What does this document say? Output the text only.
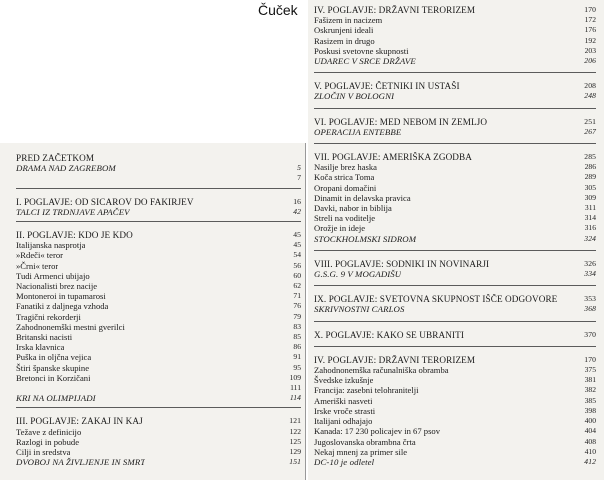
Čuček
PRED ZAČETKOM
DRAMA NAD ZAGREBOM	5
7
I. POGLAVJE: OD SICAROV DO FAKIRJEV	16
TALCI IZ TRDNJAVE APAČEV	42
II. POGLAVJE: KDO JE KDO	45
Italijanska nasprotja	45
»Rdeči« teror	54
»Črni« teror	56
Tudi Armenci ubijajo	60
Nacionalisti brez nacije	62
Montoneroi in tupamarosi	71
Fanatiki z daljnega vzhoda	76
Tragični rekorderji	79
Zahodnonemški mestni gverilci	83
Britanski nacisti	85
Irska klavnica	86
Puška in oljčna vejica	91
Štiri španske skupine	95
Bretonci in Korzičani	109
111
KRI NA OLIMPIJADI	114
III. POGLAVJE: ZAKAJ IN KAJ	121
Težave z definicijo	122
Razlogi in pobude	125
Cilji in sredstva	129
DVOBOJ NA ŽIVLJENJE IN SMRT	151
IV. POGLAVJE: DRŽAVNI TERORIZEM	170
Fašizem in nacizem	172
Oskrunjeni ideali	176
Rasizem in drugo	192
Poskusi svetovne skupnosti	203
UDAREC V SRCE DRŽAVE	206
V. POGLAVJE: ČETNIKI IN USTAŠI	208
ZLOČIN V BOLOGNI	248
VI. POGLAVJE: MED NEBOM IN ZEMLJO	251
OPERACIJA ENTEBBE	267
VII. POGLAVJE: AMERIŠKA ZGODBA	285
Nasilje brez haska	286
Koča strica Toma	289
Oropani domačini	305
Dinamit in delavska pravica	309
Davki, nabor in biblija	311
Streli na voditelje	314
Orožje in ideje	316
STOCKHOLMSKI SIDROM	324
VIII. POGLAVJE: SODNIKI IN NOVINARJI	326
G.S.G. 9 V MOGADIŠU	334
IX. POGLAVJE: SVETOVNA SKUPNOST IŠČE ODGOVORE	353
SKRIVNOSTNI CARLOS	368
X. POGLAVJE: KAKO SE UBRANITI	370
IV. POGLAVJE: DRŽAVNI TERORIZEM	170
Zahodnonemška računalniška obramba	375
Švedske izkušnje	381
Francija: zasebni telohranitelji	382
Ameriški nasveti	385
Irske vroče strasti	398
Italijani odhajajo	400
Kanada: 17 230 policajev in 67 psov	404
Jugoslovanska obrambna črta	408
Nekaj mnenj za primer sile	410
DC-10 je odletel	412
